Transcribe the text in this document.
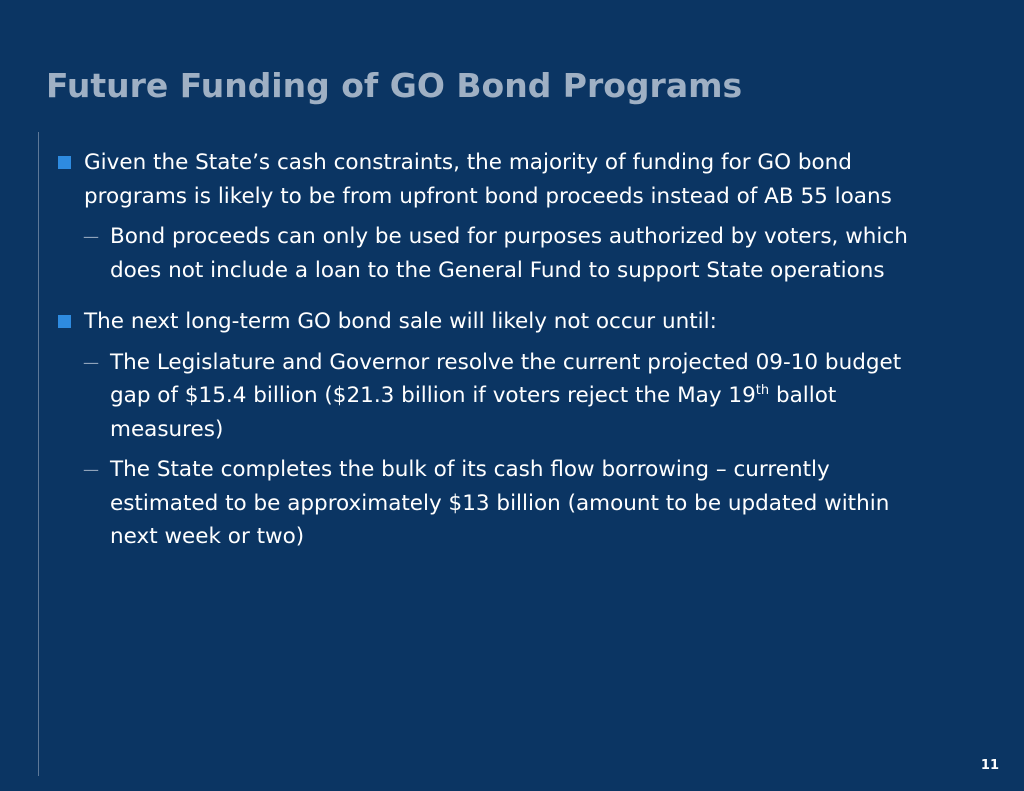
Future Funding of GO Bond Programs
Given the State’s cash constraints, the majority of funding for GO bond programs is likely to be from upfront bond proceeds instead of AB 55 loans
— Bond proceeds can only be used for purposes authorized by voters, which does not include a loan to the General Fund to support State operations
The next long-term GO bond sale will likely not occur until:
— The Legislature and Governor resolve the current projected 09-10 budget gap of $15.4 billion ($21.3 billion if voters reject the May 19th ballot measures)
— The State completes the bulk of its cash flow borrowing – currently estimated to be approximately $13 billion (amount to be updated within next week or two)
11
